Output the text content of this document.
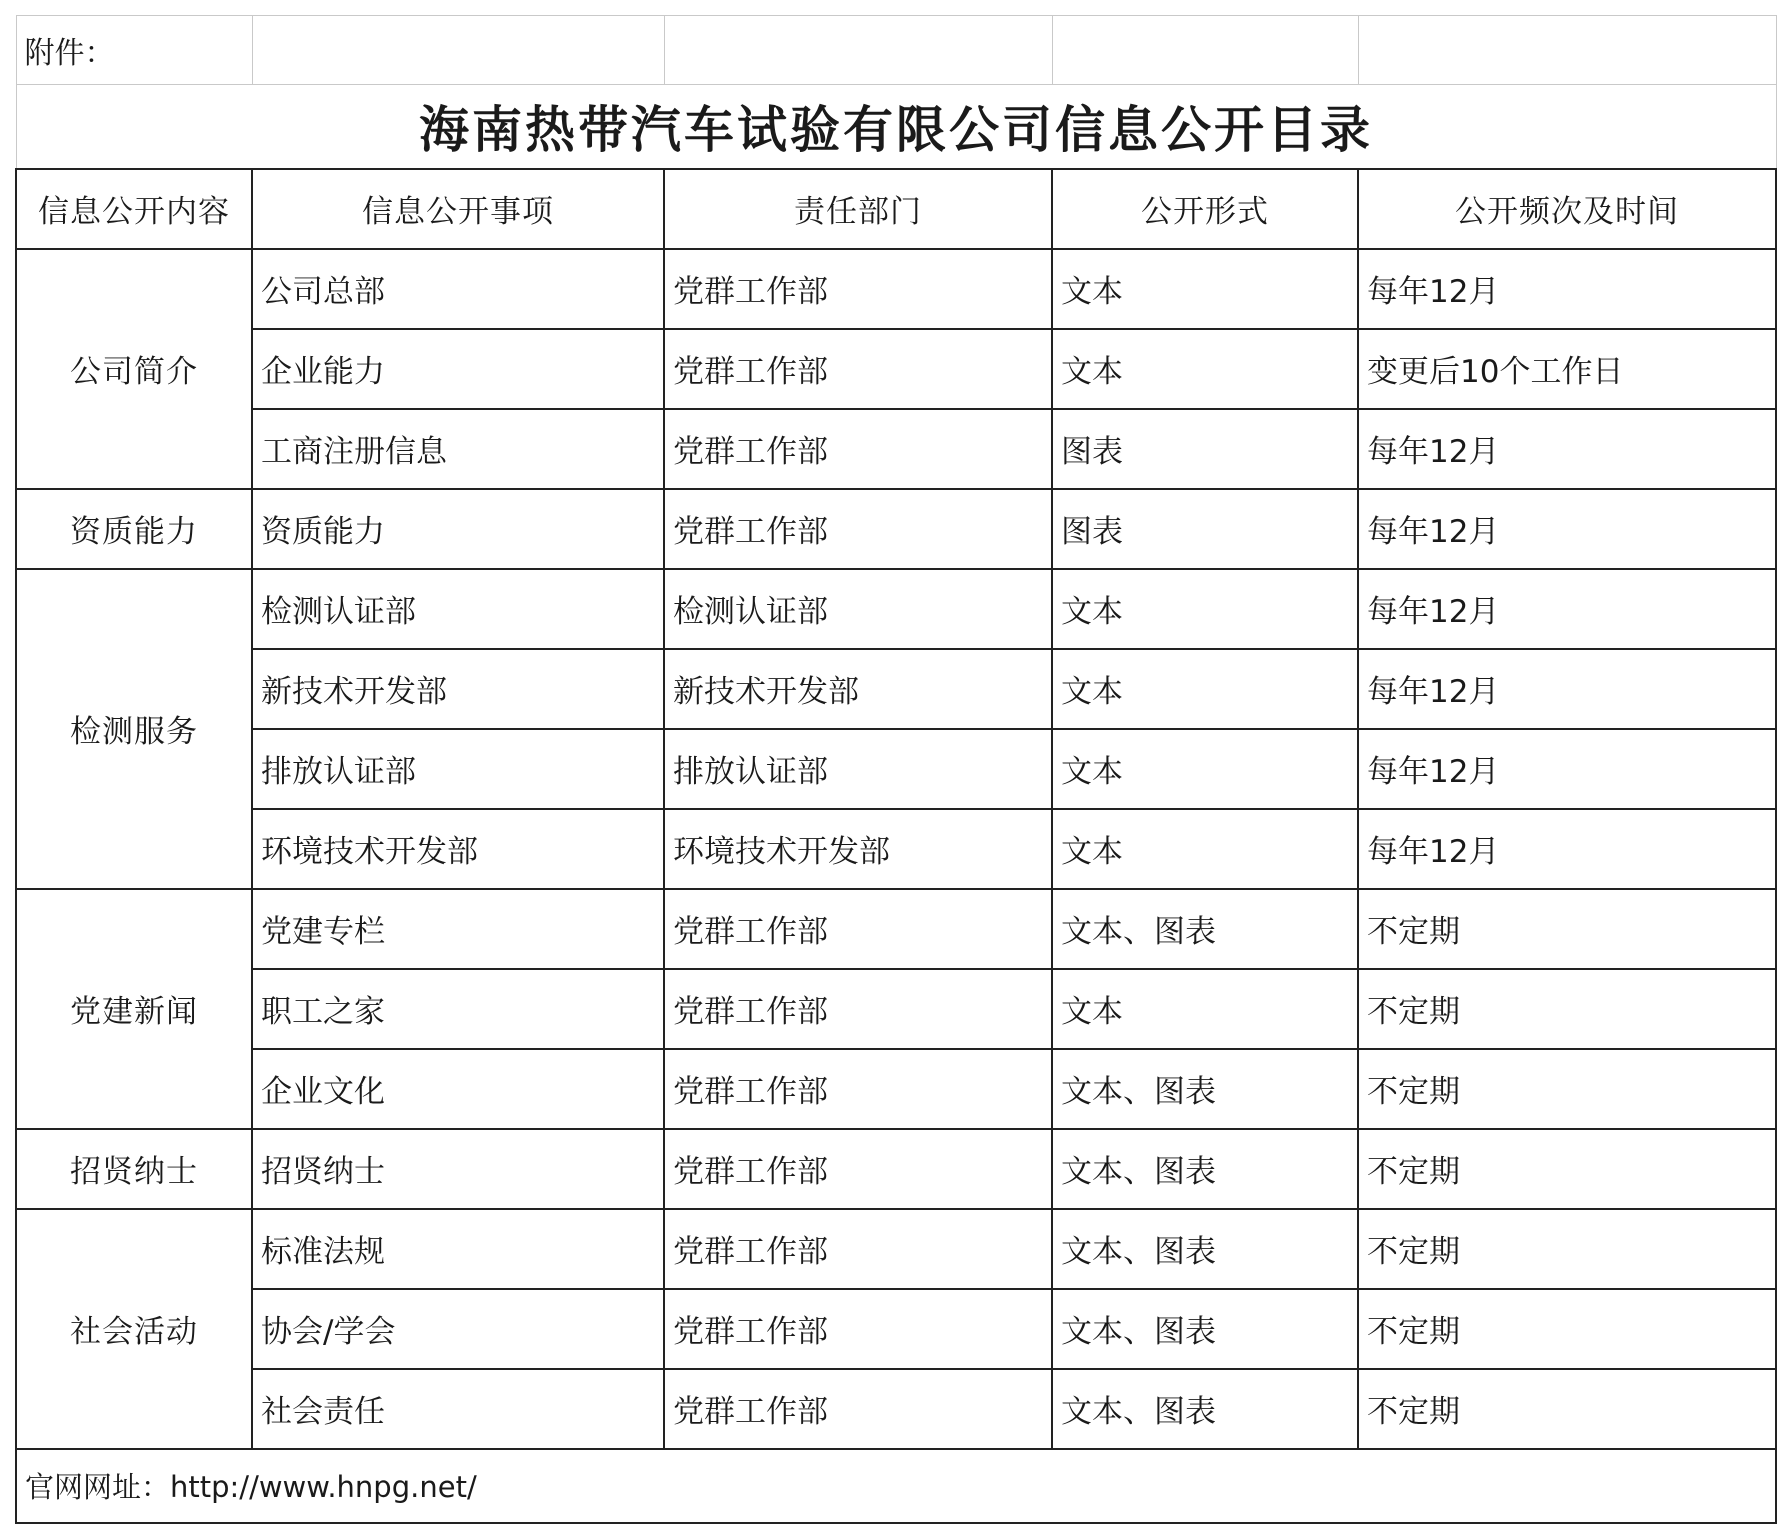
附件：				
海南热带汽车试验有限公司信息公开目录				
信息公开内容	信息公开事项	责任部门	公开形式	公开频次及时间
公司简介	公司总部	党群工作部	文本	每年12月
	企业能力	党群工作部	文本	变更后10个工作日
	工商注册信息	党群工作部	图表	每年12月
资质能力	资质能力	党群工作部	图表	每年12月
检测服务	检测认证部	检测认证部	文本	每年12月
	新技术开发部	新技术开发部	文本	每年12月
	排放认证部	排放认证部	文本	每年12月
	环境技术开发部	环境技术开发部	文本	每年12月
党建新闻	党建专栏	党群工作部	文本、图表	不定期
	职工之家	党群工作部	文本	不定期
	企业文化	党群工作部	文本、图表	不定期
招贤纳士	招贤纳士	党群工作部	文本、图表	不定期
社会活动	标准法规	党群工作部	文本、图表	不定期
	协会/学会	党群工作部	文本、图表	不定期
	社会责任	党群工作部	文本、图表	不定期
官网网址：http://www.hnpg.net/				
